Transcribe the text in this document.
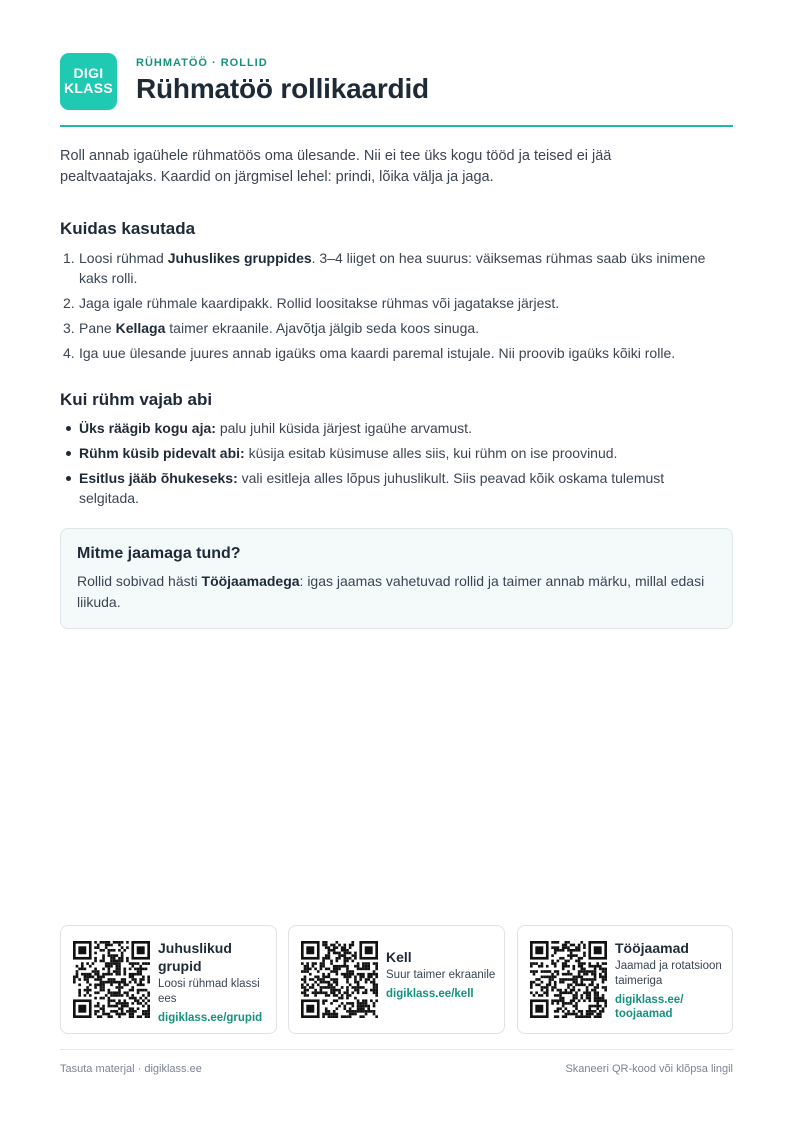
DIGI
KLASS
RÜHMATÖÖ · ROLLID
Rühmatöö rollikaardid

Roll annab igaühele rühmatöös oma ülesande. Nii ei tee üks kogu tööd ja teised ei jää pealtvaatajaks. Kaardid on järgmisel lehel: prindi, lõika välja ja jaga.

Kuidas kasutada
1. Loosi rühmad Juhuslikes gruppides. 3–4 liiget on hea suurus: väiksemas rühmas saab üks inimene kaks rolli.
2. Jaga igale rühmale kaardipakk. Rollid loositakse rühmas või jagatakse järjest.
3. Pane Kellaga taimer ekraanile. Ajavõtja jälgib seda koos sinuga.
4. Iga uue ülesande juures annab igaüks oma kaardi paremal istujale. Nii proovib igaüks kõiki rolle.
Kui rühm vajab abi
Üks räägib kogu aja: palu juhil küsida järjest igaühe arvamust.
Rühm küsib pidevalt abi: küsija esitab küsimuse alles siis, kui rühm on ise proovinud.
Esitlus jääb õhukeseks: vali esitleja alles lõpus juhuslikult. Siis peavad kõik oskama tulemust selgitada.
Mitme jaamaga tund?
Rollid sobivad hästi Tööjaamadega: igas jaamas vahetuvad rollid ja taimer annab märku, millal edasi liikuda.
Juhuslikud grupid
Loosi rühmad klassi ees
digiklass.ee/grupid
Kell
Suur taimer ekraanile
digiklass.ee/kell
Tööjaamad
Jaamad ja rotatsioon taimeriga
digiklass.ee/ toojaamad
Tasuta materjal · digiklass.ee	Skaneeri QR-kood või klõpsa lingil
